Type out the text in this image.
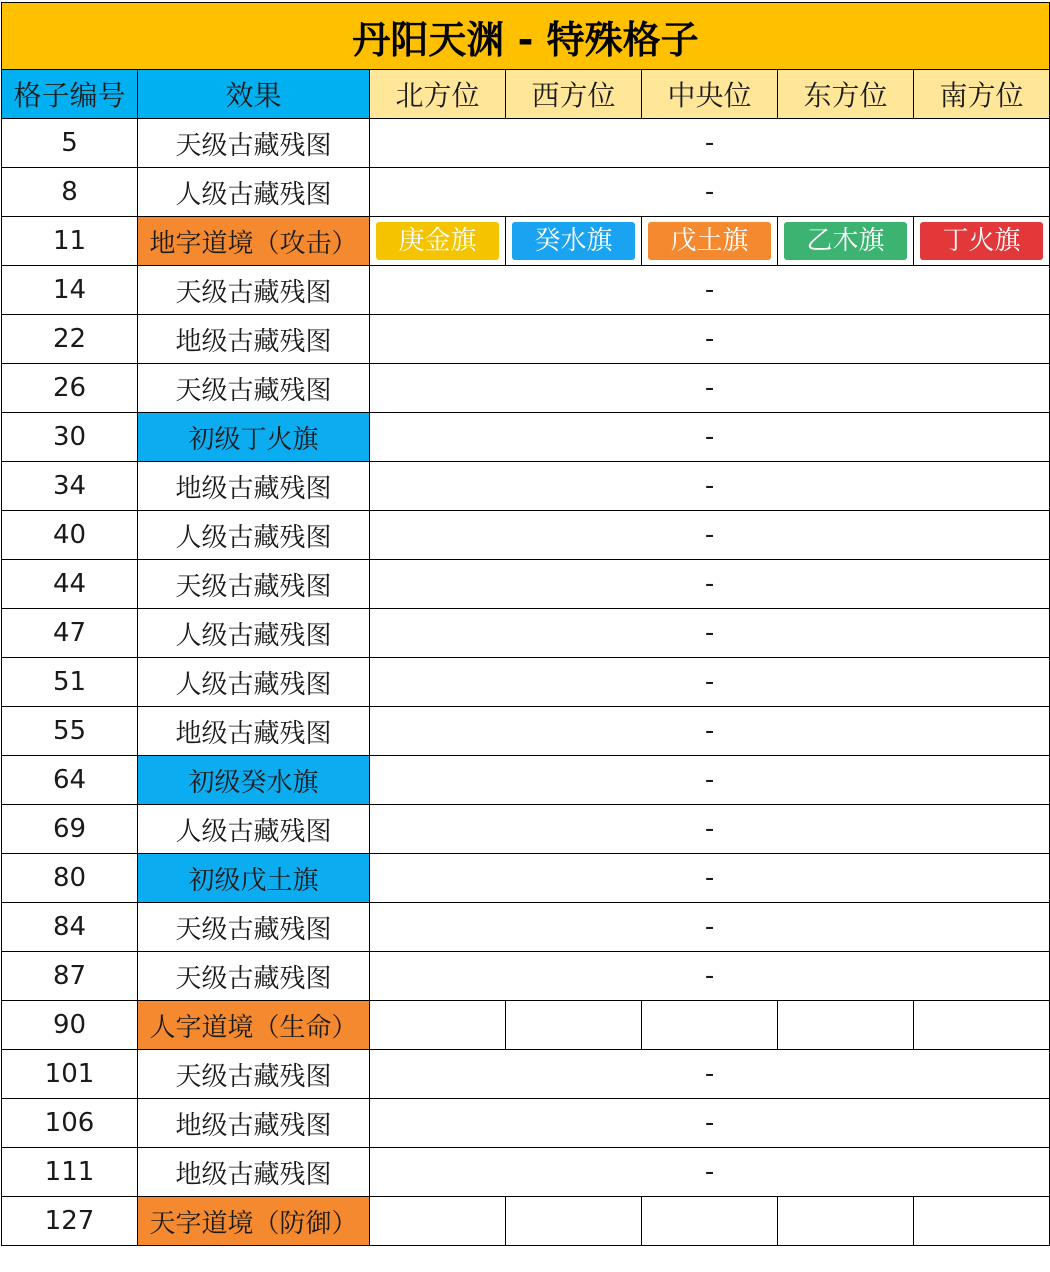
丹阳天渊 - 特殊格子						
格子编号	效果	北方位	西方位	中央位	东方位	南方位
5	天级古藏残图	-				
8	人级古藏残图	-				
11	地字道境（攻击）	庚金旗	癸水旗	戊土旗	乙木旗	丁火旗

14	天级古藏残图	-				
22	地级古藏残图	-				
26	天级古藏残图	-				
30	初级丁火旗	-				
34	地级古藏残图	-				
40	人级古藏残图	-				
44	天级古藏残图	-				
47	人级古藏残图	-				
51	人级古藏残图	-				
55	地级古藏残图	-				
64	初级癸水旗	-				
69	人级古藏残图	-				
80	初级戊土旗	-				
84	天级古藏残图	-				
87	天级古藏残图	-				
90	人字道境（生命）					
101	天级古藏残图	-				
106	地级古藏残图	-				
111	地级古藏残图	-				
127	天字道境（防御）					
